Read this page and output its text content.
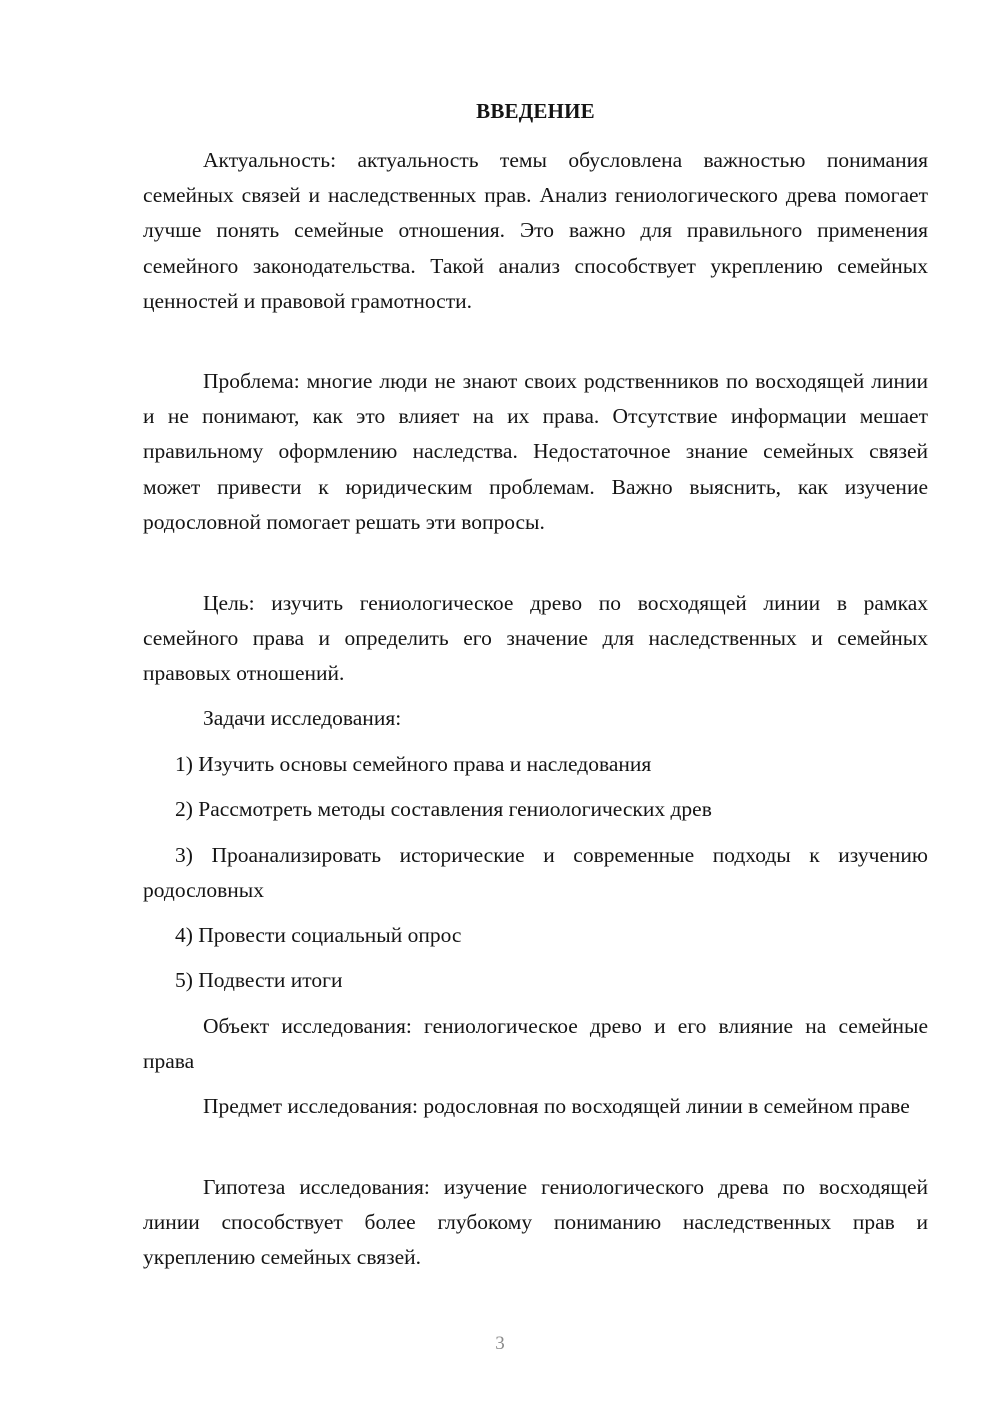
ВВЕДЕНИЕ

Актуальность: актуальность темы обусловлена важностью понимания семейных связей и наследственных прав. Анализ гениологического древа помогает лучше понять семейные отношения. Это важно для правильного применения семейного законодательства. Такой анализ способствует укреплению семейных ценностей и правовой грамотности.

Проблема: многие люди не знают своих родственников по восходящей линии и не понимают, как это влияет на их права. Отсутствие информации мешает правильному оформлению наследства. Недостаточное знание семейных связей может привести к юридическим проблемам. Важно выяснить, как изучение родословной помогает решать эти вопросы.

Цель: изучить гениологическое древо по восходящей линии в рамках семейного права и определить его значение для наследственных и семейных правовых отношений.

Задачи исследования:

1) Изучить основы семейного права и наследования

2) Рассмотреть методы составления гениологических древ

3) Проанализировать исторические и современные подходы к изучению родословных

4) Провести социальный опрос

5) Подвести итоги

Объект исследования: гениологическое древо и его влияние на семейные права

Предмет исследования: родословная по восходящей линии в семейном праве

Гипотеза исследования: изучение гениологического древа по восходящей линии способствует более глубокому пониманию наследственных прав и укреплению семейных связей.

3
